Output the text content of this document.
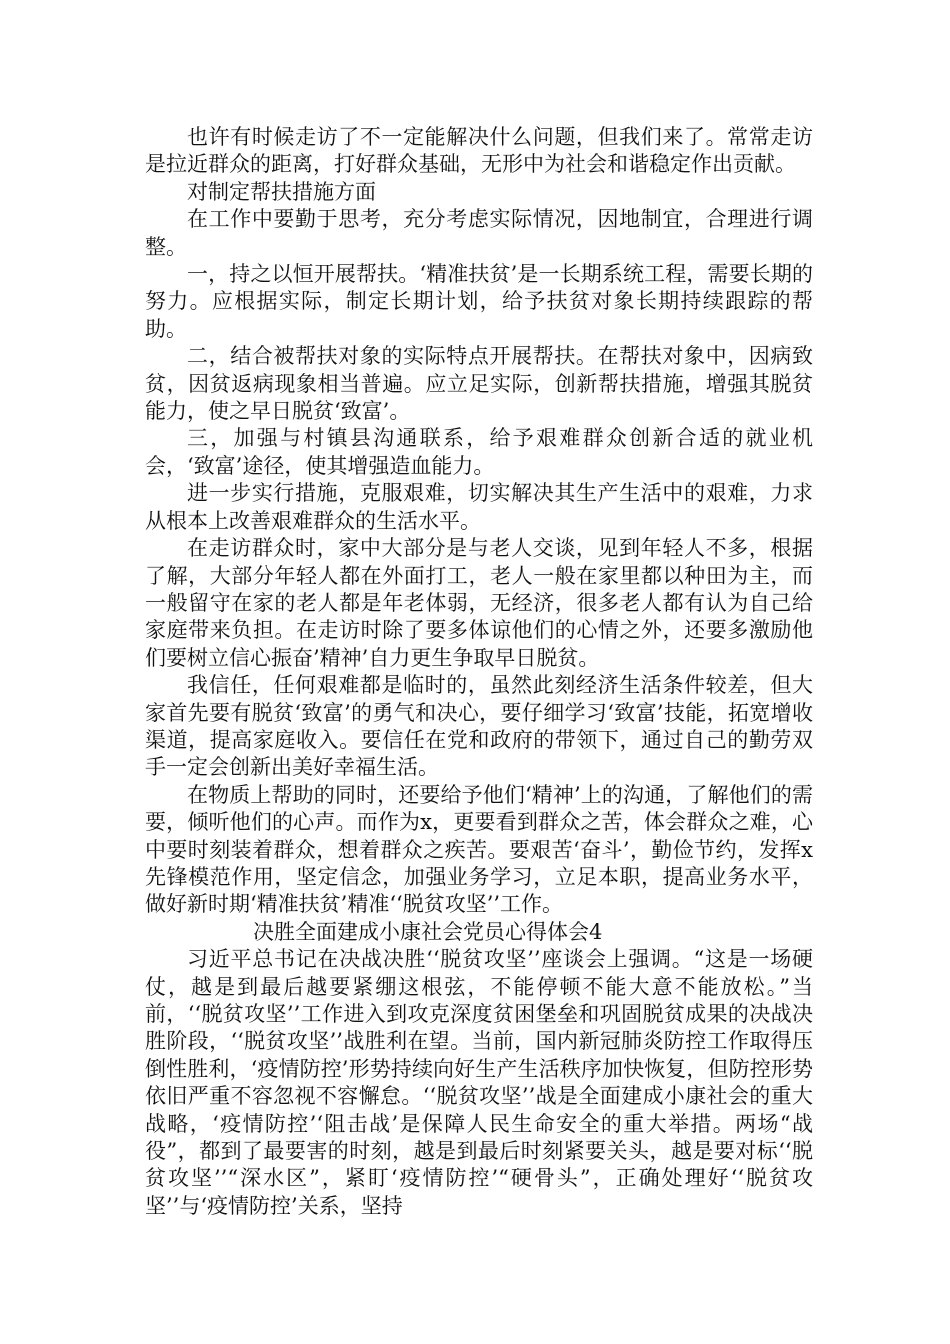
也许有时候走访了不一定能解决什么问题，但我们来了。常常走访是拉近群众的距离，打好群众基础，无形中为社会和谐稳定作出贡献。

对制定帮扶措施方面

在工作中要勤于思考，充分考虑实际情况，因地制宜，合理进行调整。

一，持之以恒开展帮扶。‘精准扶贫’是一长期系统工程，需要长期的努力。应根据实际，制定长期计划，给予扶贫对象长期持续跟踪的帮助。

二，结合被帮扶对象的实际特点开展帮扶。在帮扶对象中，因病致贫，因贫返病现象相当普遍。应立足实际，创新帮扶措施，增强其脱贫能力，使之早日脱贫‘致富’。

三，加强与村镇县沟通联系，给予艰难群众创新合适的就业机会，‘致富’途径，使其增强造血能力。

进一步实行措施，克服艰难，切实解决其生产生活中的艰难，力求从根本上改善艰难群众的生活水平。

在走访群众时，家中大部分是与老人交谈，见到年轻人不多，根据了解，大部分年轻人都在外面打工，老人一般在家里都以种田为主，而一般留守在家的老人都是年老体弱，无经济，很多老人都有认为自己给家庭带来负担。在走访时除了要多体谅他们的心情之外，还要多激励他们要树立信心振奋’精神’自力更生争取早日脱贫。

我信任，任何艰难都是临时的，虽然此刻经济生活条件较差，但大家首先要有脱贫‘致富’的勇气和决心，要仔细学习‘致富’技能，拓宽增收渠道，提高家庭收入。要信任在党和政府的带领下，通过自己的勤劳双手一定会创新出美好幸福生活。

在物质上帮助的同时，还要给予他们‘精神’上的沟通，了解他们的需要，倾听他们的心声。而作为x，更要看到群众之苦，体会群众之难，心中要时刻装着群众，想着群众之疾苦。要艰苦‘奋斗’，勤俭节约，发挥x先锋模范作用，坚定信念，加强业务学习，立足本职，提高业务水平，做好新时期‘精准扶贫’精准‘‘脱贫攻坚’’工作。

决胜全面建成小康社会党员心得体会4

习近平总书记在决战决胜‘‘脱贫攻坚’’座谈会上强调。“这是一场硬仗，越是到最后越要紧绷这根弦，不能停顿不能大意不能放松。”当前，‘‘脱贫攻坚’’工作进入到攻克深度贫困堡垒和巩固脱贫成果的决战决胜阶段，‘‘脱贫攻坚’’战胜利在望。当前，国内新冠肺炎防控工作取得压倒性胜利，‘疫情防控’形势持续向好生产生活秩序加快恢复，但防控形势依旧严重不容忽视不容懈怠。‘‘脱贫攻坚’’战是全面建成小康社会的重大战略，‘疫情防控’‘阻击战’是保障人民生命安全的重大举措。两场“战役”，都到了最要害的时刻，越是到最后时刻紧要关头，越是要对标‘‘脱贫攻坚’’“深水区”，紧盯‘疫情防控’“硬骨头”，正确处理好‘‘脱贫攻坚’’与‘疫情防控’关系，坚持
